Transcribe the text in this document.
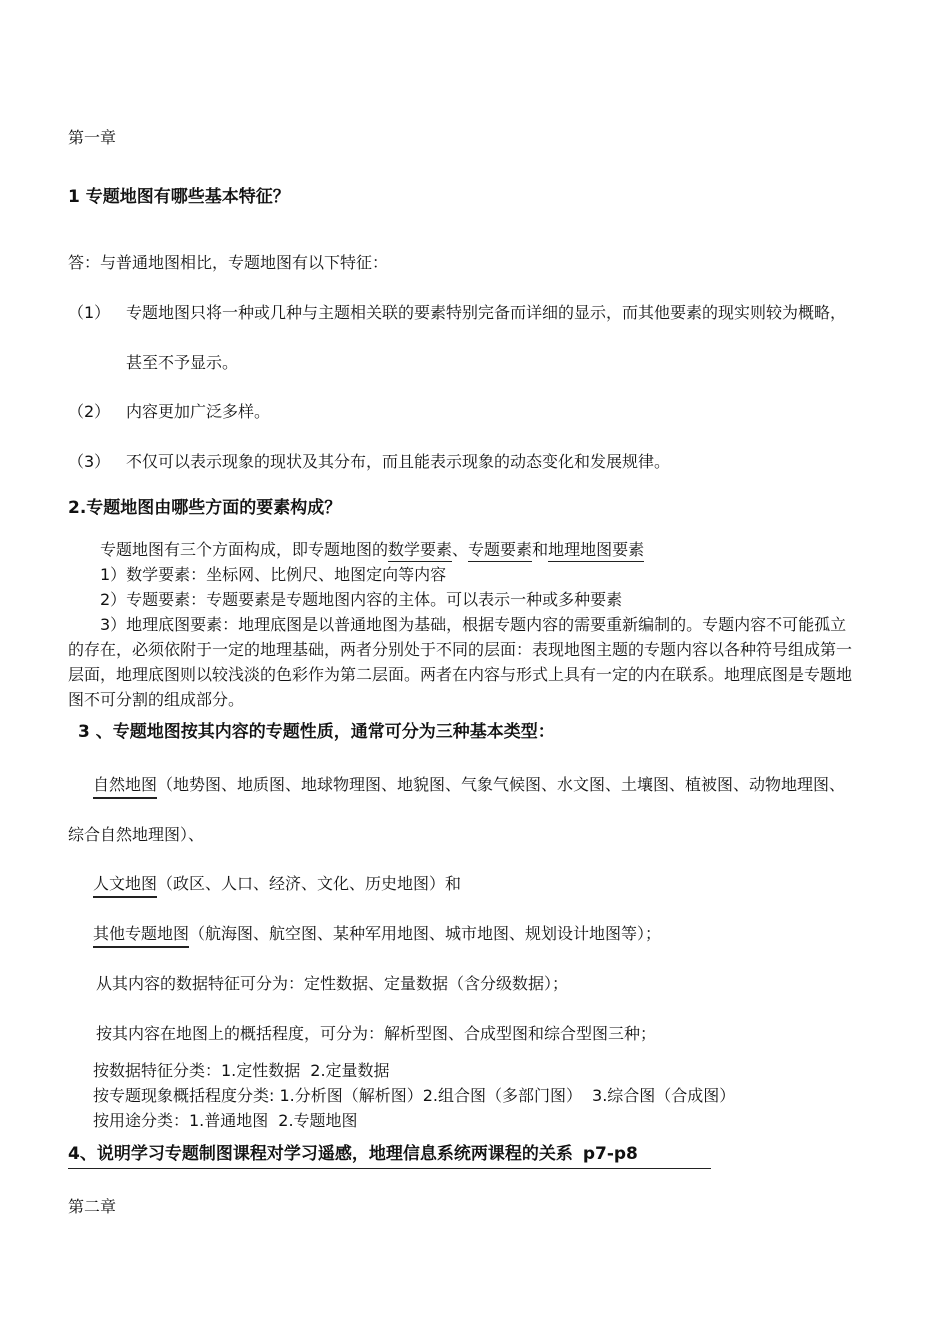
第一章
1 专题地图有哪些基本特征？
答：与普通地图相比，专题地图有以下特征：
（1） 专题地图只将一种或几种与主题相关联的要素特别完备而详细的显示，而其他要素的现实则较为概略，
甚至不予显示。
（2） 内容更加广泛多样。
（3） 不仅可以表示现象的现状及其分布，而且能表示现象的动态变化和发展规律。
2.专题地图由哪些方面的要素构成？
专题地图有三个方面构成，即专题地图的数学要素、专题要素和地理地图要素
1）数学要素：坐标网、比例尺、地图定向等内容
2）专题要素：专题要素是专题地图内容的主体。可以表示一种或多种要素
3）地理底图要素：地理底图是以普通地图为基础，根据专题内容的需要重新编制的。专题内容不可能孤立
的存在，必须依附于一定的地理基础，两者分别处于不同的层面：表现地图主题的专题内容以各种符号组成第一
层面，地理底图则以较浅淡的色彩作为第二层面。两者在内容与形式上具有一定的内在联系。地理底图是专题地
图不可分割的组成部分。
3 、专题地图按其内容的专题性质，通常可分为三种基本类型：
自然地图（地势图、地质图、地球物理图、地貌图、气象气候图、水文图、土壤图、植被图、动物地理图、
综合自然地理图）、
人文地图（政区、人口、经济、文化、历史地图）和
其他专题地图（航海图、航空图、某种军用地图、城市地图、规划设计地图等）；
从其内容的数据特征可分为：定性数据、定量数据（含分级数据）；
按其内容在地图上的概括程度，可分为：解析型图、合成型图和综合型图三种；
按数据特征分类：1.定性数据 2.定量数据
按专题现象概括程度分类: 1.分析图（解析图）2.组合图（多部门图） 3.综合图（合成图）
按用途分类：1.普通地图 2.专题地图
4、说明学习专题制图课程对学习遥感，地理信息系统两课程的关系 p7-p8
第二章
